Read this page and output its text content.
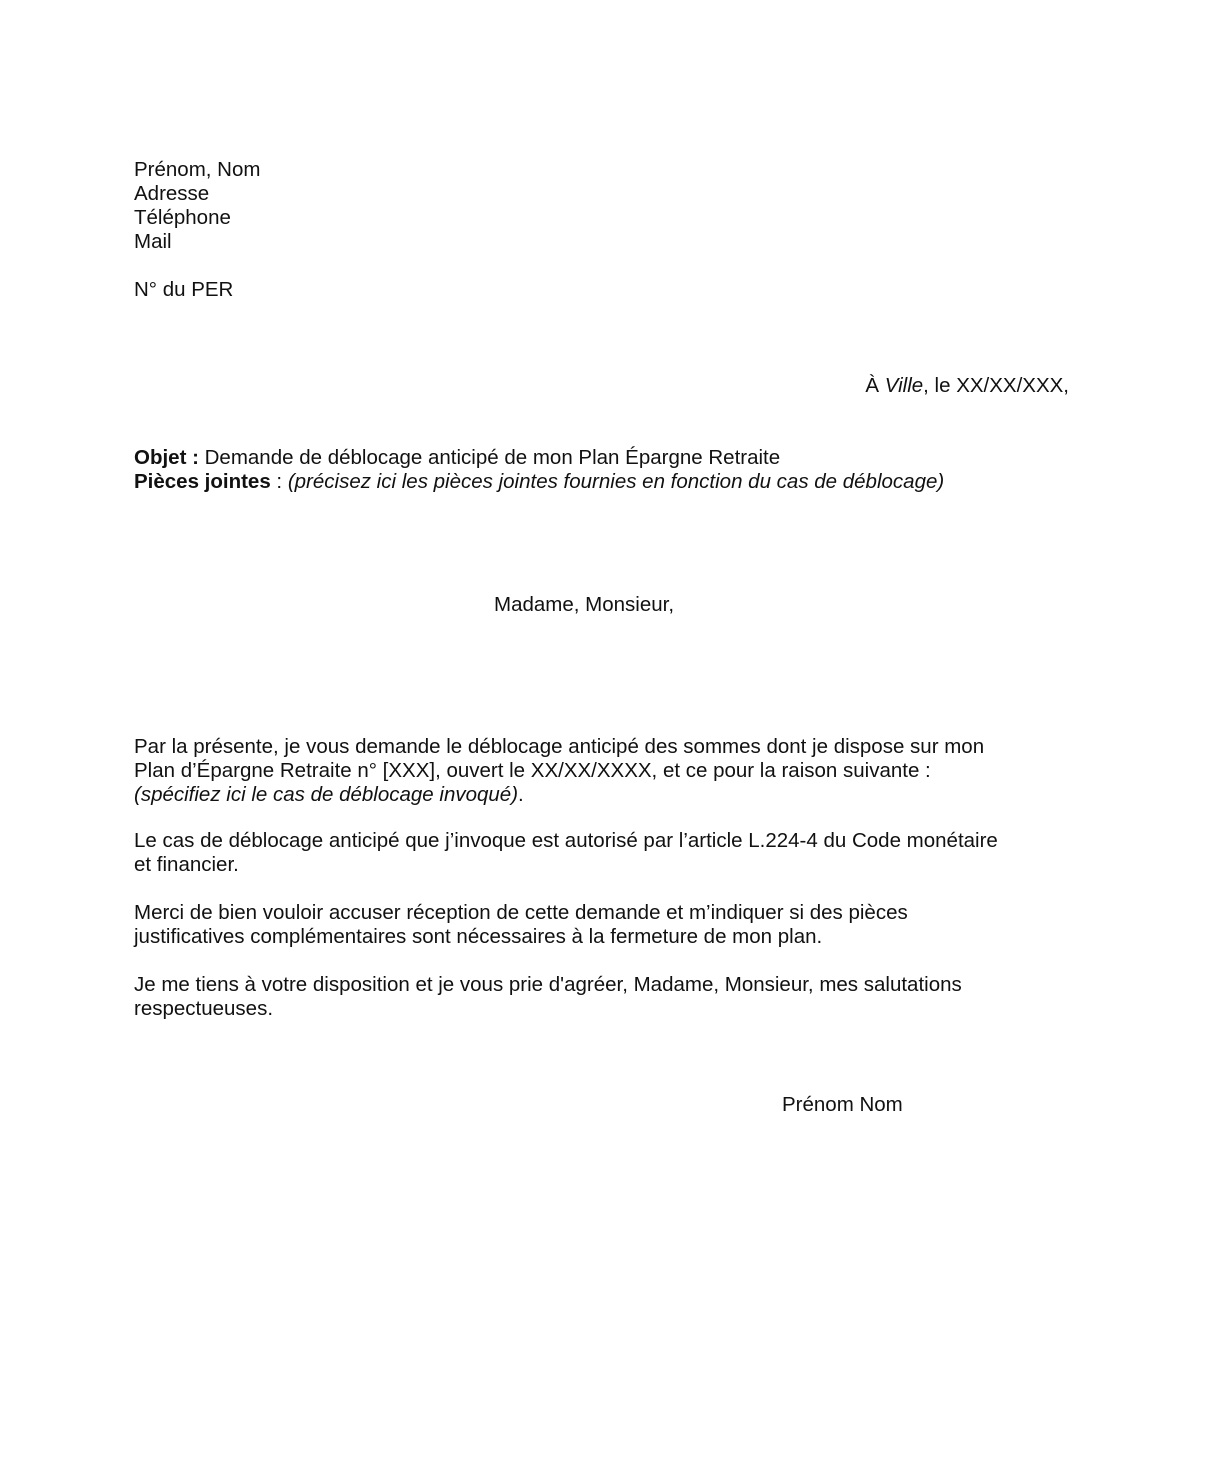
Prénom, Nom
Adresse
Téléphone
Mail
N° du PER
À Ville, le XX/XX/XXX,
Objet : Demande de déblocage anticipé de mon Plan Épargne Retraite
Pièces jointes : (précisez ici les pièces jointes fournies en fonction du cas de déblocage)
Madame, Monsieur,
Par la présente, je vous demande le déblocage anticipé des sommes dont je dispose sur mon
Plan d’Épargne Retraite n° [XXX], ouvert le XX/XX/XXXX, et ce pour la raison suivante :
(spécifiez ici le cas de déblocage invoqué).
Le cas de déblocage anticipé que j’invoque est autorisé par l’article L.224-4 du Code monétaire
et financier.
Merci de bien vouloir accuser réception de cette demande et m’indiquer si des pièces
justificatives complémentaires sont nécessaires à la fermeture de mon plan.
Je me tiens à votre disposition et je vous prie d'agréer, Madame, Monsieur, mes salutations
respectueuses.
Prénom Nom
